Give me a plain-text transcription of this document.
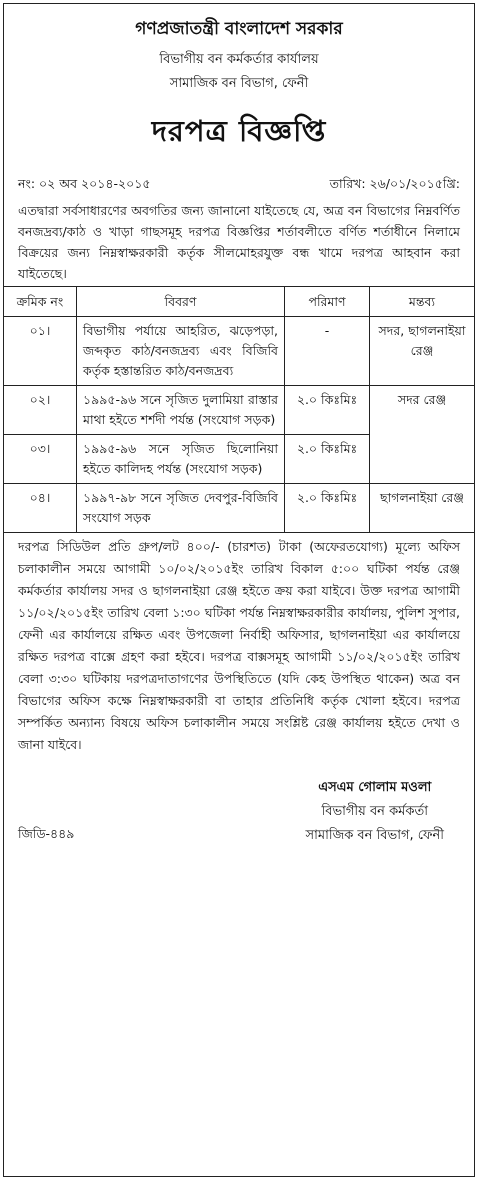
গণপ্রজাতন্ত্রী বাংলাদেশ সরকার
বিভাগীয় বন কর্মকর্তার কার্যালয়
সামাজিক বন বিভাগ, ফেনী
দরপত্র বিজ্ঞপ্তি
নং: ০২ অব ২০১৪-২০১৫	তারিখ: ২৬/০১/২০১৫খ্রি:
এতদ্বারা সর্বসাধারণের অবগতির জন্য জানানো যাইতেছে যে, অত্র বন বিভাগের নিম্নবর্ণিত বনজদ্রব্য/কাঠ ও খাড়া গাছসমূহ দরপত্র বিজ্ঞপ্তির শর্তাবলীতে বর্ণিত শর্তাধীনে নিলামে বিক্রয়ের জন্য নিম্নস্বাক্ষরকারী কর্তৃক সীলমোহরযুক্ত বন্ধ খামে দরপত্র আহবান করা যাইতেছে।
ক্রমিক নং	বিবরণ	পরিমাণ	মন্তব্য
০১।	বিভাগীয় পর্যায়ে আহরিত, ঝড়েপড়া, জব্দকৃত কাঠ/বনজদ্রব্য এবং বিজিবি কর্তৃক হস্তান্তরিত কাঠ/বনজদ্রব্য	-	সদর, ছাগলনাইয়া রেঞ্জ
০২।	১৯৯৫-৯৬ সনে সৃজিত দুলামিয়া রাস্তার মাথা হইতে শর্শদী পর্যন্ত (সংযোগ সড়ক)	২.০ কিঃমিঃ	সদর রেঞ্জ
০৩।	১৯৯৫-৯৬ সনে সৃজিত ছিলোনিয়া হইতে কালিদহ পর্যন্ত (সংযোগ সড়ক)	২.০ কিঃমিঃ	
০৪।	১৯৯৭-৯৮ সনে সৃজিত দেবপুর-বিজিবি সংযোগ সড়ক	২.০ কিঃমিঃ	ছাগলনাইয়া রেঞ্জ
দরপত্র সিডিউল প্রতি গ্রুপ/লট ৪০০/- (চারশত) টাকা (অফেরতযোগ্য) মূল্যে অফিস চলাকালীন সময়ে আগামী ১০/০২/২০১৫ইং তারিখ বিকাল ৫:০০ ঘটিকা পর্যন্ত রেঞ্জ কর্মকর্তার কার্যালয় সদর ও ছাগলনাইয়া রেঞ্জ হইতে ক্রয় করা যাইবে। উক্ত দরপত্র আগামী ১১/০২/২০১৫ইং তারিখ বেলা ১:৩০ ঘটিকা পর্যন্ত নিম্নস্বাক্ষরকারীর কার্যালয়, পুলিশ সুপার, ফেনী এর কার্যালয়ে রক্ষিত এবং উপজেলা নির্বাহী অফিসার, ছাগলনাইয়া এর কার্যালয়ে রক্ষিত দরপত্র বাক্সে গ্রহণ করা হইবে। দরপত্র বাক্সসমূহ আগামী ১১/০২/২০১৫ইং তারিখ বেলা ৩:৩০ ঘটিকায় দরপত্রদাতাগণের উপস্থিতিতে (যদি কেহ উপস্থিত থাকেন) অত্র বন বিভাগের অফিস কক্ষে নিম্নস্বাক্ষরকারী বা তাহার প্রতিনিধি কর্তৃক খোলা হইবে। দরপত্র সম্পর্কিত অন্যান্য বিষয়ে অফিস চলাকালীন সময়ে সংশ্লিষ্ট রেঞ্জ কার্যালয় হইতে দেখা ও জানা যাইবে।
এসএম গোলাম মওলা
বিভাগীয় বন কর্মকর্তা
সামাজিক বন বিভাগ, ফেনী
জিডি-৪৪৯
